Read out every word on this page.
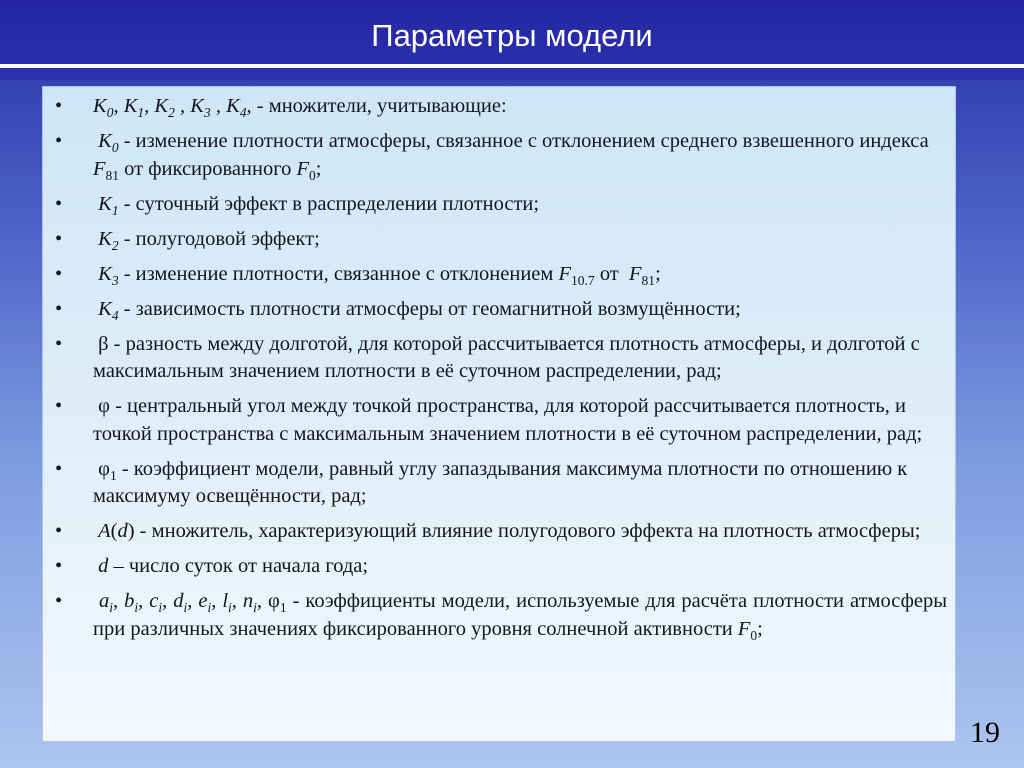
Параметры модели
• $K_0$, $K_1$, $K_2$ , $K_3$ , $K_4$, - множители, учитывающие:
• $K_0$ - изменение плотности атмосферы, связанное с отклонением среднего взвешенного индекса $F_{81}$ от фиксированного $F_0$;
• $K_1$ - суточный эффект в распределении плотности;
• $K_2$ - полугодовой эффект;
• $K_3$ - изменение плотности, связанное с отклонением $F_{10.7}$ от  $F_{81}$;
• $K_4$ - зависимость плотности атмосферы от геомагнитной возмущённости;
• β - разность между долготой, для которой рассчитывается плотность атмосферы, и долготой с максимальным значением плотности в её суточном распределении, рад;
• φ - центральный угол между точкой пространства, для которой рассчитывается плотность, и точкой пространства с максимальным значением плотности в её суточном распределении, рад;
• $\varphi_1$ - коэффициент модели, равный углу запаздывания максимума плотности по отношению к максимуму освещённости, рад;
• A(d) - множитель, характеризующий влияние полугодового эффекта на плотность атмосферы;
• d – число суток от начала года;
• $a_i$, $b_i$, $c_i$, $d_i$, $e_i$, $l_i$, $n_i$, $\varphi_1$ - коэффициенты модели, используемые для расчёта плотности атмосферы при различных значениях фиксированного уровня солнечной активности $F_0$;
19
